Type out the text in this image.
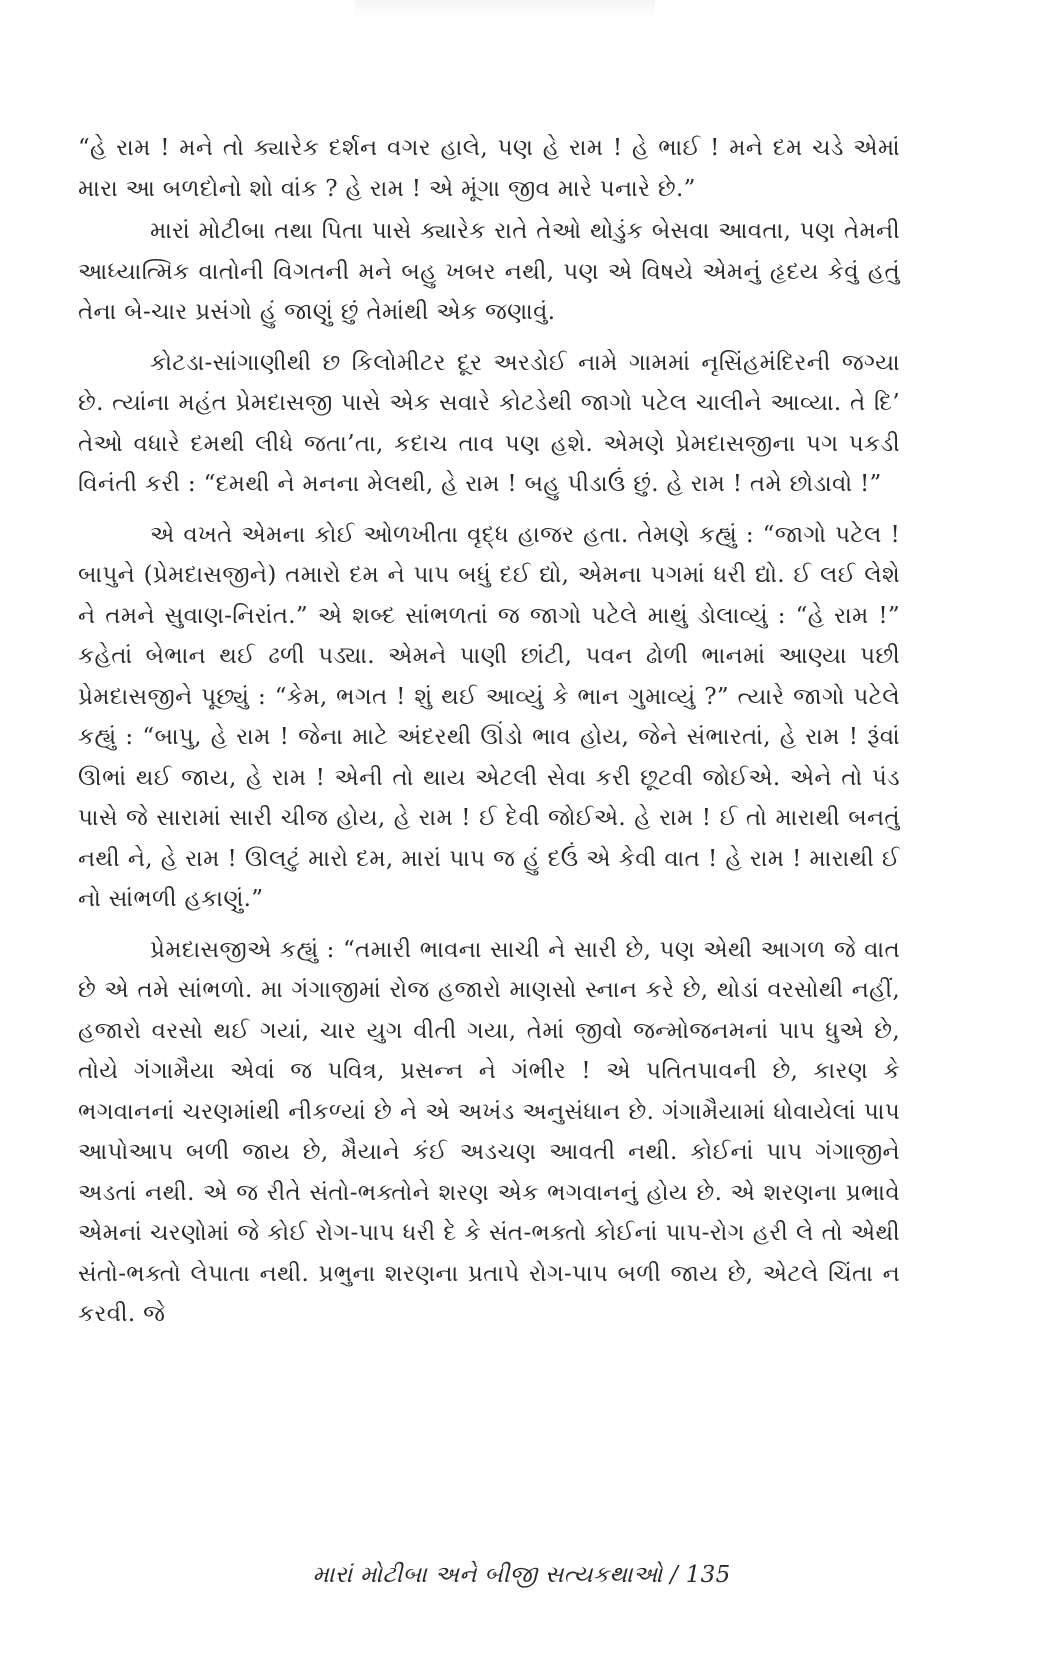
“હે રામ ! મને તો ક્યારેક દર્શન વગર હાલે, પણ હે રામ ! હે ભાઈ ! મને દમ ચડે એમાં મારા આ બળદોનો શો વાંક ? હે રામ ! એ મૂંગા જીવ મારે પનારે છે.”

મારાં મોટીબા તથા પિતા પાસે ક્યારેક રાતે તેઓ થોડુંક બેસવા આવતા, પણ તેમની આધ્યાત્મિક વાતોની વિગતની મને બહુ ખબર નથી, પણ એ વિષયે એમનું હૃદય કેવું હતું તેના બે-ચાર પ્રસંગો હું જાણું છું તેમાંથી એક જણાવું.

કોટડા-સાંગાણીથી છ કિલોમીટર દૂર અરડોઈ નામે ગામમાં નૃસિંહમંદિરની જગ્યા છે. ત્યાંના મહંત પ્રેમદાસજી પાસે એક સવારે કોટડેથી જાગો પટેલ ચાલીને આવ્યા. તે દિ’ તેઓ વધારે દમથી લીધે જતા’તા, કદાચ તાવ પણ હશે. એમણે પ્રેમદાસજીના પગ પકડી વિનંતી કરી : “દમથી ને મનના મેલથી, હે રામ ! બહુ પીડાઉં છું. હે રામ ! તમે છોડાવો !”

એ વખતે એમના કોઈ ઓળખીતા વૃદ્ધ હાજર હતા. તેમણે કહ્યું : “જાગો પટેલ ! બાપુને (પ્રેમદાસજીને) તમારો દમ ને પાપ બધું દઈ દ્યો, એમના પગમાં ધરી દ્યો. ઈ લઈ લેશે ને તમને સુવાણ-નિરાંત.” એ શબ્દ સાંભળતાં જ જાગો પટેલે માથું ડોલાવ્યું : “હે રામ !” કહેતાં બેભાન થઈ ઢળી પડ્યા. એમને પાણી છાંટી, પવન ઢોળી ભાનમાં આણ્યા પછી પ્રેમદાસજીને પૂછ્યું : “કેમ, ભગત ! શું થઈ આવ્યું કે ભાન ગુમાવ્યું ?” ત્યારે જાગો પટેલે કહ્યું : “બાપુ, હે રામ ! જેના માટે અંદરથી ઊંડો ભાવ હોય, જેને સંભારતાં, હે રામ ! રૂંવાં ઊભાં થઈ જાય, હે રામ ! એની તો થાય એટલી સેવા કરી છૂટવી જોઈએ. એને તો પંડ પાસે જે સારામાં સારી ચીજ હોય, હે રામ ! ઈ દેવી જોઈએ. હે રામ ! ઈ તો મારાથી બનતું નથી ને, હે રામ ! ઊલટું મારો દમ, મારાં પાપ જ હું દઉં એ કેવી વાત ! હે રામ ! મારાથી ઈ નો સાંભળી હકાણું.”

પ્રેમદાસજીએ કહ્યું : “તમારી ભાવના સાચી ને સારી છે, પણ એથી આગળ જે વાત છે એ તમે સાંભળો. મા ગંગાજીમાં રોજ હજારો માણસો સ્નાન કરે છે, થોડાં વરસોથી નહીં, હજારો વરસો થઈ ગયાં, ચાર યુગ વીતી ગયા, તેમાં જીવો જન્મોજનમનાં પાપ ધુએ છે, તોયે ગંગામૈયા એવાં જ પવિત્ર, પ્રસન્ન ને ગંભીર ! એ પતિતપાવની છે, કારણ કે ભગવાનનાં ચરણમાંથી નીકળ્યાં છે ને એ અખંડ અનુસંધાન છે. ગંગામૈયામાં ધોવાયેલાં પાપ આપોઆપ બળી જાય છે, મૈયાને કંઈ અડચણ આવતી નથી. કોઈનાં પાપ ગંગાજીને અડતાં નથી. એ જ રીતે સંતો-ભક્તોને શરણ એક ભગવાનનું હોય છે. એ શરણના પ્રભાવે એમનાં ચરણોમાં જે કોઈ રોગ-પાપ ધરી દે કે સંત-ભક્તો કોઈનાં પાપ-રોગ હરી લે તો એથી સંતો-ભક્તો લેપાતા નથી. પ્રભુના શરણના પ્રતાપે રોગ-પાપ બળી જાય છે, એટલે ચિંતા ન કરવી. જે

મારાં મોટીબા અને બીજી સત્યકથાઓ / 135
